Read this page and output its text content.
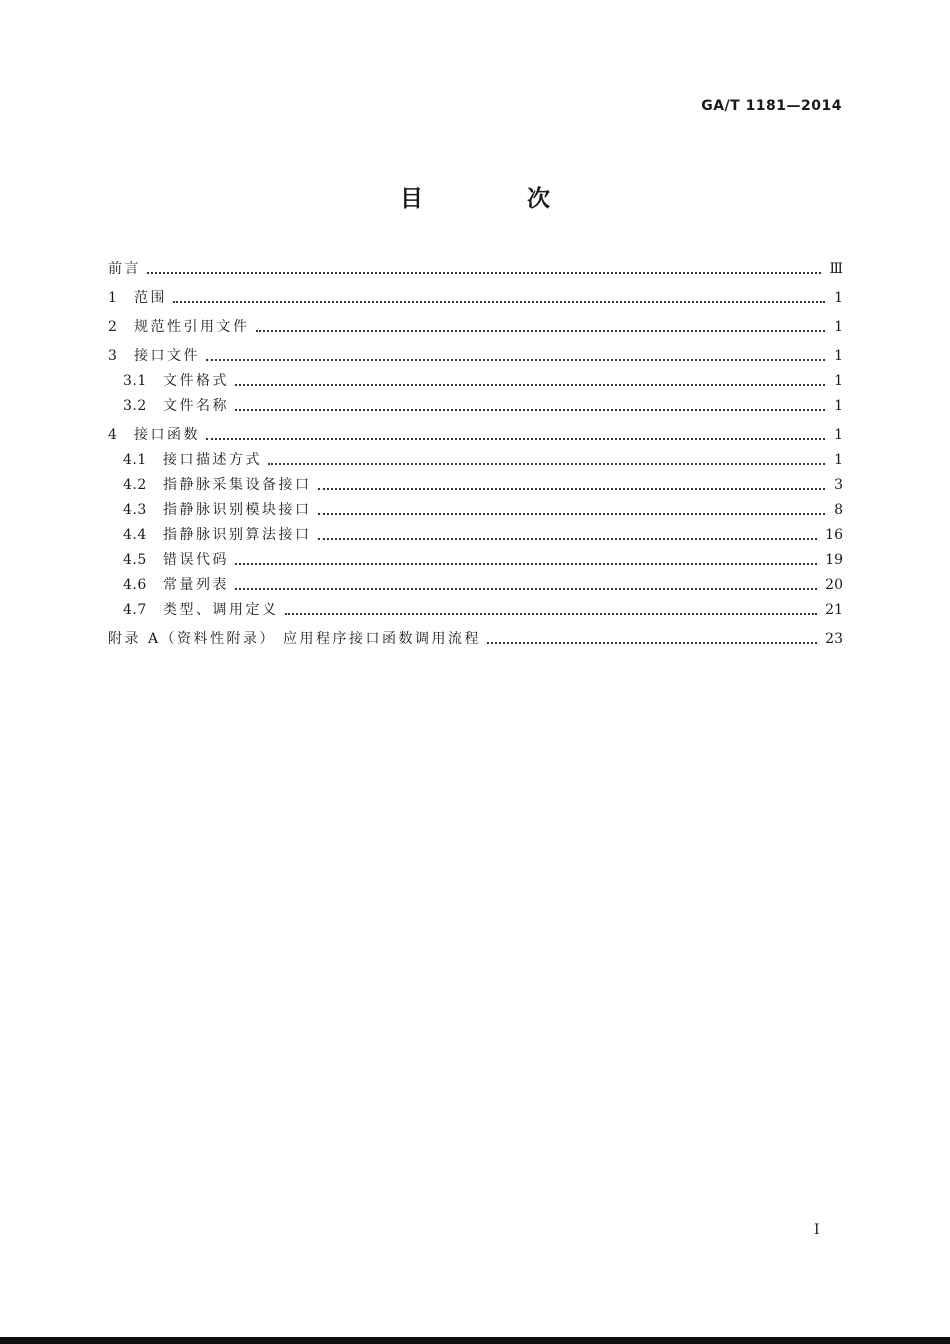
GA/T 1181—2014
目 次
前言	Ⅲ
1	范围	1
2	规范性引用文件	1
3	接口文件	1
3.1	文件格式	1
3.2	文件名称	1
4	接口函数	1
4.1	接口描述方式	1
4.2	指静脉采集设备接口	3
4.3	指静脉识别模块接口	8
4.4	指静脉识别算法接口	16
4.5	错误代码	19
4.6	常量列表	20
4.7	类型、调用定义	21
附录 A（资料性附录） 应用程序接口函数调用流程	23
I
